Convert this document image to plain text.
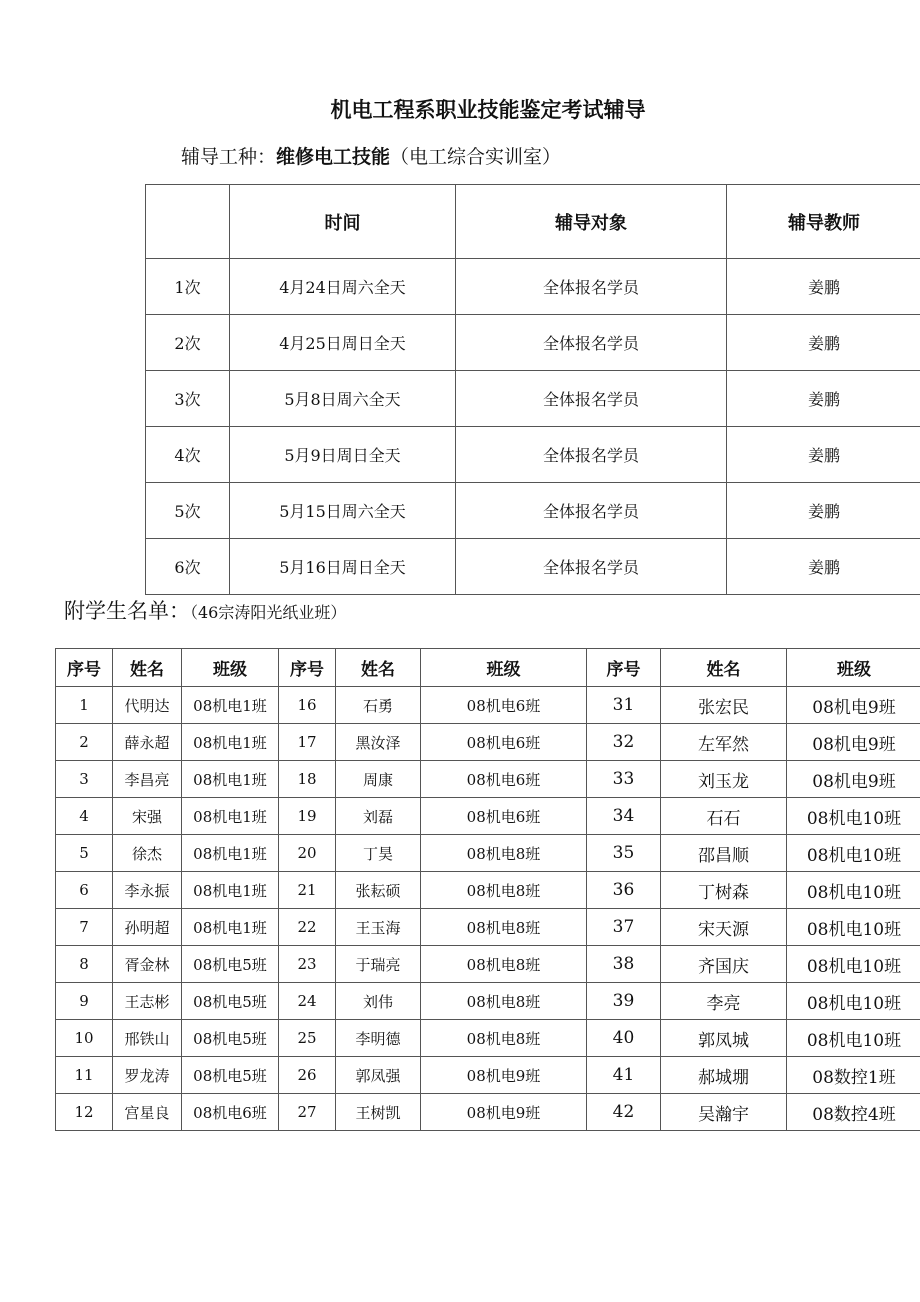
机电工程系职业技能鉴定考试辅导
辅导工种：维修电工技能（电工综合实训室）
	时间	辅导对象	辅导教师
1次	4月24日周六全天	全体报名学员	姜鹏
2次	4月25日周日全天	全体报名学员	姜鹏
3次	5月8日周六全天	全体报名学员	姜鹏
4次	5月9日周日全天	全体报名学员	姜鹏
5次	5月15日周六全天	全体报名学员	姜鹏
6次	5月16日周日全天	全体报名学员	姜鹏
附学生名单：（46宗涛阳光纸业班）
序号	姓名	班级	序号	姓名	班级	序号	姓名	班级
1	代明达	08机电1班	16	石勇	08机电6班	31	张宏民	08机电9班
2	薛永超	08机电1班	17	黑汝泽	08机电6班	32	左军然	08机电9班
3	李昌亮	08机电1班	18	周康	08机电6班	33	刘玉龙	08机电9班
4	宋强	08机电1班	19	刘磊	08机电6班	34	石石	08机电10班
5	徐杰	08机电1班	20	丁昊	08机电8班	35	邵昌顺	08机电10班
6	李永振	08机电1班	21	张耘硕	08机电8班	36	丁树森	08机电10班
7	孙明超	08机电1班	22	王玉海	08机电8班	37	宋天源	08机电10班
8	胥金林	08机电5班	23	于瑞亮	08机电8班	38	齐国庆	08机电10班
9	王志彬	08机电5班	24	刘伟	08机电8班	39	李亮	08机电10班
10	邢铁山	08机电5班	25	李明德	08机电8班	40	郭凤城	08机电10班
11	罗龙涛	08机电5班	26	郭凤强	08机电9班	41	郝城堋	08数控1班
12	宫星良	08机电6班	27	王树凯	08机电9班	42	吴瀚宇	08数控4班
